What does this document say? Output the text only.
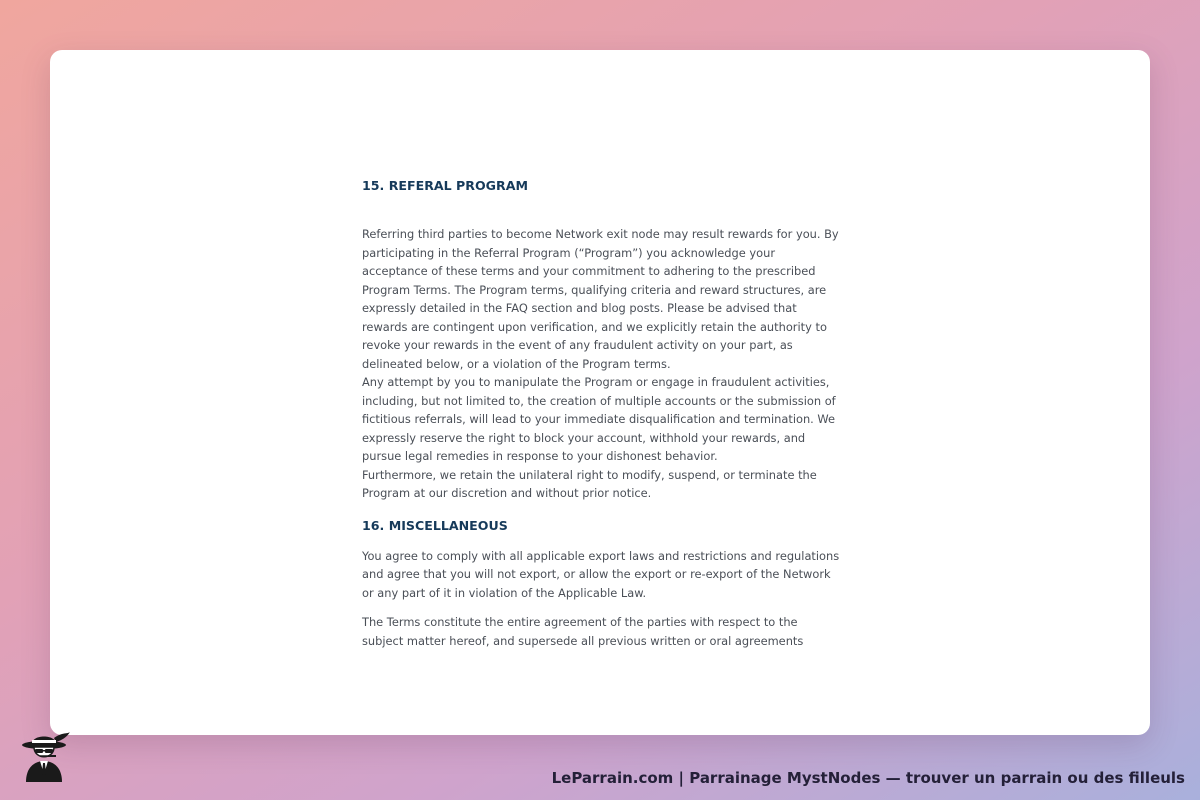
15. REFERAL PROGRAM

Referring third parties to become Network exit node may result rewards for you. By participating in the Referral Program (“Program”) you acknowledge your acceptance of these terms and your commitment to adhering to the prescribed Program Terms. The Program terms, qualifying criteria and reward structures, are expressly detailed in the FAQ section and blog posts. Please be advised that rewards are contingent upon verification, and we explicitly retain the authority to revoke your rewards in the event of any fraudulent activity on your part, as delineated below, or a violation of the Program terms.

Any attempt by you to manipulate the Program or engage in fraudulent activities, including, but not limited to, the creation of multiple accounts or the submission of fictitious referrals, will lead to your immediate disqualification and termination. We expressly reserve the right to block your account, withhold your rewards, and pursue legal remedies in response to your dishonest behavior.

Furthermore, we retain the unilateral right to modify, suspend, or terminate the Program at our discretion and without prior notice.

16. MISCELLANEOUS

You agree to comply with all applicable export laws and restrictions and regulations and agree that you will not export, or allow the export or re-export of the Network or any part of it in violation of the Applicable Law.

The Terms constitute the entire agreement of the parties with respect to the subject matter hereof, and supersede all previous written or oral agreements

LeParrain.com | Parrainage MystNodes — trouver un parrain ou des filleuls
